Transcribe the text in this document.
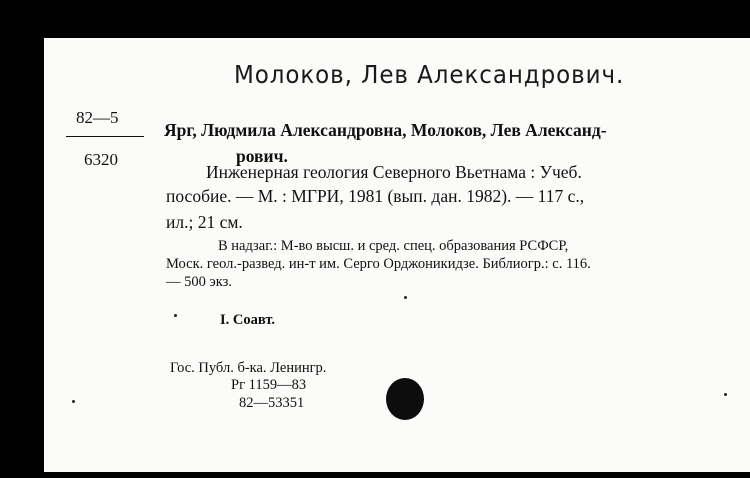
Молоков, Лев Александрович.
82—5
6320
Ярг, Людмила Александровна, Молоков, Лев Александ-
рович.
Инженерная геология Северного Вьетнама : Учеб.
пособие. — М. : МГРИ, 1981 (вып. дан. 1982). — 117 с.,
ил.; 21 см.
В надзаг.: М-во высш. и сред. спец. образования РСФСР,
Моск. геол.-развед. ин-т им. Серго Орджоникидзе. Библиогр.: с. 116.
— 500 экз.
I. Соавт.
Гос. Публ. б-ка. Ленингр.
Рг 1159—83
82—53351
